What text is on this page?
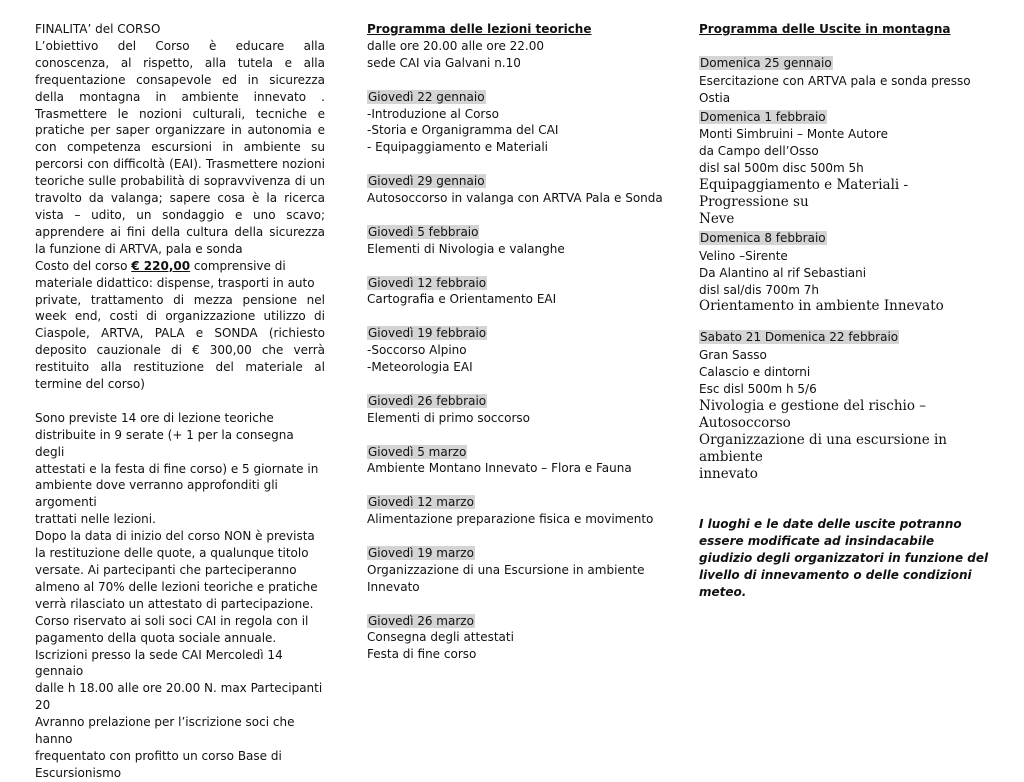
FINALITA’ del CORSO

L’obiettivo del Corso è educare alla conoscenza, al rispetto, alla tutela e alla frequentazione consapevole ed in sicurezza della montagna in ambiente innevato . Trasmettere le nozioni culturali, tecniche e pratiche per saper organizzare in autonomia e con competenza escursioni in ambiente su percorsi con difficoltà (EAI). Trasmettere nozioni teoriche sulle probabilità di sopravvivenza di un travolto da valanga; sapere cosa è la ricerca vista – udito, un sondaggio e uno scavo; apprendere ai fini della cultura della sicurezza la funzione di ARTVA, pala e sonda

Costo del corso € 220,00 comprensive di

materiale didattico: dispense, trasporti in auto

private, trattamento di mezza pensione nel week end, costi di organizzazione utilizzo di Ciaspole, ARTVA, PALA e SONDA (richiesto deposito cauzionale di € 300,00 che verrà restituito alla restituzione del materiale al termine del corso)

Sono previste 14 ore di lezione teoriche

distribuite in 9 serate (+ 1 per la consegna degli

attestati e la festa di fine corso) e 5 giornate in

ambiente dove verranno approfonditi gli argomenti

trattati nelle lezioni.

Dopo la data di inizio del corso NON è prevista

la restituzione delle quote, a qualunque titolo

versate. Ai partecipanti che parteciperanno

almeno al 70% delle lezioni teoriche e pratiche

verrà rilasciato un attestato di partecipazione.

Corso riservato ai soli soci CAI in regola con il

pagamento della quota sociale annuale.

Iscrizioni presso la sede CAI Mercoledì 14 gennaio

dalle h 18.00 alle ore 20.00 N. max Partecipanti 20

Avranno prelazione per l’iscrizione soci che hanno

frequentato con profitto un corso Base di

Escursionismo

Programma delle lezioni teoriche

dalle ore 20.00 alle ore 22.00

sede CAI via Galvani n.10

Giovedì 22 gennaio

-Introduzione al Corso

-Storia e Organigramma del CAI

- Equipaggiamento e Materiali

Giovedì 29 gennaio

Autosoccorso in valanga con ARTVA Pala e Sonda

Giovedì 5 febbraio

Elementi di Nivologia e valanghe

Giovedì 12 febbraio

Cartografia e Orientamento EAI

Giovedì 19 febbraio

-Soccorso Alpino

-Meteorologia EAI

Giovedì 26 febbraio

Elementi di primo soccorso

Giovedì 5 marzo

Ambiente Montano Innevato – Flora e Fauna

Giovedì 12 marzo

Alimentazione preparazione fisica e movimento

Giovedì 19 marzo

Organizzazione di una Escursione in ambiente

Innevato

Giovedì 26 marzo

Consegna degli attestati

Festa di fine corso

Programma delle Uscite in montagna

Domenica 25 gennaio

Esercitazione con ARTVA pala e sonda presso

Ostia

Domenica 1 febbraio

Monti Simbruini – Monte Autore

da Campo dell’Osso

disl sal 500m disc 500m 5h

Equipaggiamento e Materiali - Progressione su

Neve

Domenica 8 febbraio

Velino –Sirente

Da Alantino al rif Sebastiani

disl sal/dis 700m 7h

Orientamento in ambiente Innevato

Sabato 21 Domenica 22 febbraio

Gran Sasso

Calascio e dintorni

Esc disl 500m h 5/6

Nivologia e gestione del rischio – Autosoccorso

Organizzazione di una escursione in ambiente

innevato

I luoghi e le date delle uscite potranno essere modificate ad insindacabile giudizio degli organizzatori in funzione del livello di innevamento o delle condizioni meteo.
